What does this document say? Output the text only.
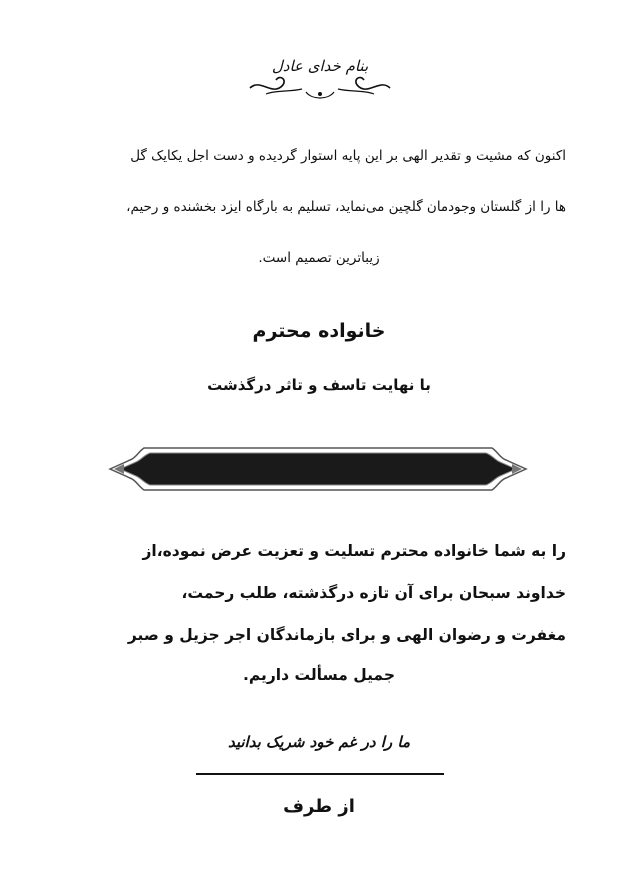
بنام خدای عادل
اکنون که مشیت و تقدیر الهی بر این پایه استوار گردیده و دست اجل یکایک گل
ها را از گلستان وجودمان گلچین می‌نماید، تسلیم به بارگاه ایزد بخشنده و رحیم،
زیباترین تصمیم است.
خانواده محترم
با نهایت تاسف و تاثر درگذشت
را به شما خانواده محترم تسلیت و تعزیت عرض نموده،از
خداوند سبحان برای آن تازه درگذشته، طلب رحمت،
مغفرت و رضوان الهی و برای بازماندگان اجر جزیل و صبر
جمیل مسألت داریم.
ما را در غم خود شریک بدانید
از طرف
